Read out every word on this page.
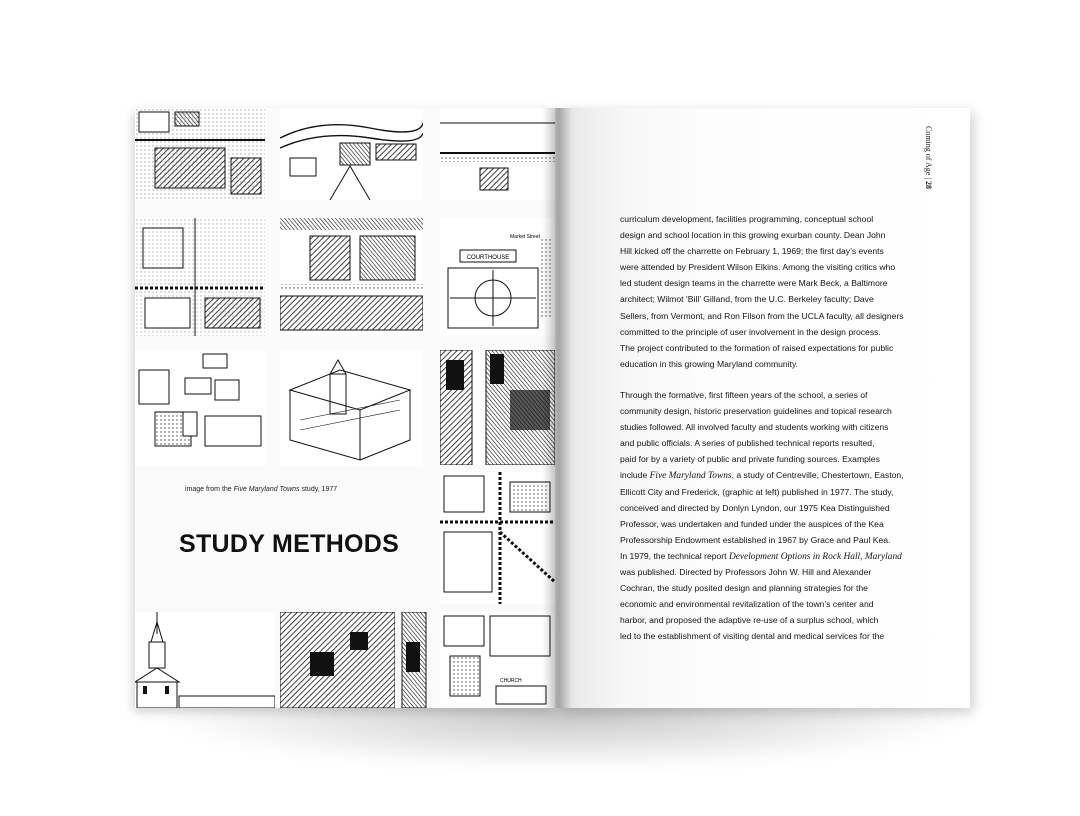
COURTHOUSE
Market Street
CHURCH
image from the Five Maryland Towns study, 1977
STUDY METHODS
Coming of Age | 28
curriculum development, facilities programming, conceptual school
design and school location in this growing exurban county. Dean John
Hill kicked off the charrette on February 1, 1969; the first day’s events
were attended by President Wilson Elkins. Among the visiting critics who
led student design teams in the charrette were Mark Beck, a Baltimore
architect; Wilmot ‘Bill’ Gilland, from the U.C. Berkeley faculty; Dave
Sellers, from Vermont, and Ron Filson from the UCLA faculty, all designers
committed to the principle of user involvement in the design process.
The project contributed to the formation of raised expectations for public
education in this growing Maryland community.
Through the formative, first fifteen years of the school, a series of
community design, historic preservation guidelines and topical research
studies followed. All involved faculty and students working with citizens
and public officials. A series of published technical reports resulted,
paid for by a variety of public and private funding sources. Examples
include Five Maryland Towns, a study of Centreville, Chestertown, Easton,
Ellicott City and Frederick, (graphic at left) published in 1977. The study,
conceived and directed by Donlyn Lyndon, our 1975 Kea Distinguished
Professor, was undertaken and funded under the auspices of the Kea
Professorship Endowment established in 1967 by Grace and Paul Kea.
In 1979, the technical report Development Options in Rock Hall, Maryland
was published. Directed by Professors John W. Hill and Alexander
Cochran, the study posited design and planning strategies for the
economic and environmental revitalization of the town’s center and
harbor, and proposed the adaptive re-use of a surplus school, which
led to the establishment of visiting dental and medical services for the
